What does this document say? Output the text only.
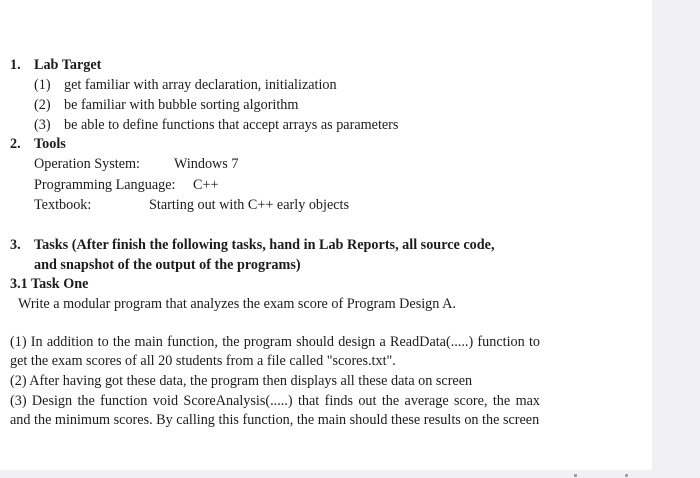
1. Lab Target
(1) get familiar with array declaration, initialization
(2) be familiar with bubble sorting algorithm
(3) be able to define functions that accept arrays as parameters
2. Tools
Operation System: Windows 7
Programming Language: C++
Textbook:	Starting out with C++ early objects
3. Tasks (After finish the following tasks, hand in Lab Reports, all source code,
and snapshot of the output of the programs)
3.1 Task One
Write a modular program that analyzes the exam score of Program Design A.
(1) In addition to the main function, the program should design a ReadData(.....) function to get the exam scores of all 20 students from a file called "scores.txt".
(2) After having got these data, the program then displays all these data on screen
(3) Design the function void ScoreAnalysis(.....) that finds out the average score, the max and the minimum scores. By calling this function, the main should these results on the screen
